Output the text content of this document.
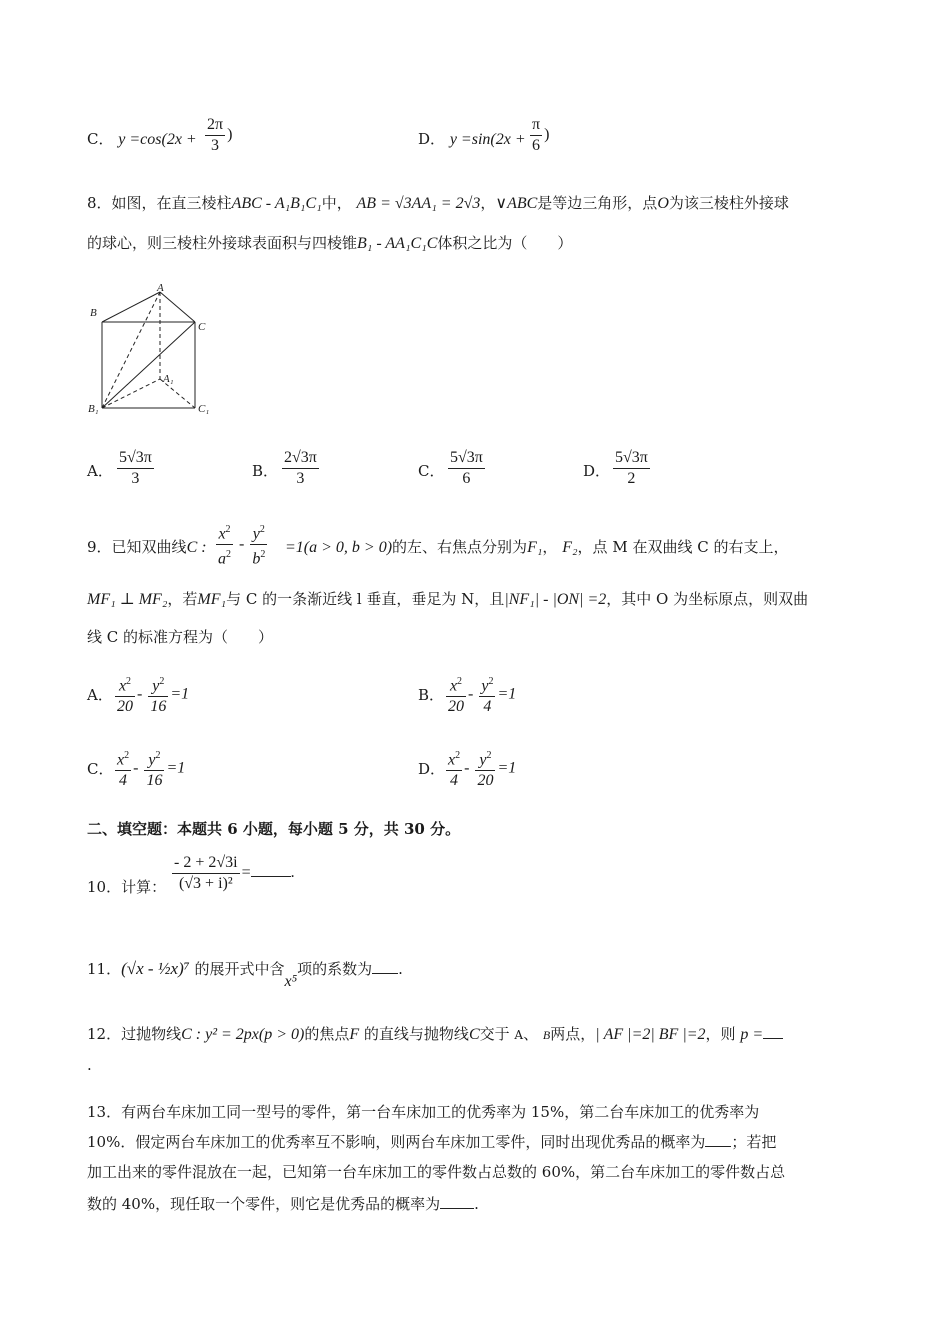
C． $y =\cos(2x + \frac{2\pi}{3}$ )	D． $y =\sin(2x + \frac{\pi}{6}$ )
8．如图，在直三棱柱ABC - A₁B₁C₁中， AB = √3AA₁ = 2√3，∨ABC是等边三角形，点O为该三棱柱外接球
的球心，则三棱柱外接球表面积与四棱锥B₁ - AA₁C₁C体积之比为（　　）
A
B
C
A₁
B₁	C₁
A． $\frac{5√3\pi}{3}$	B． $\frac{2√3\pi}{3}$	C． $\frac{5√3\pi}{6}$	D． $\frac{5√3\pi}{2}$
9．已知双曲线C : $\frac{x^2}{a^2} - \frac{y^2}{b^2} =1(a > 0$, b > 0)的左、右焦点分别为F₁， F₂，点 M 在双曲线 C 的右支上，
MF₁ ⊥ MF₂，若MF₁与 C 的一条渐近线 l 垂直，垂足为 N，且|NF₁| - |ON| =2，其中 O 为坐标原点，则双曲
线 C 的标准方程为（　　）
A． $\frac{x^2}{20} - \frac{y^2}{16} =1$	B． $\frac{x^2}{20} - \frac{y^2}{4} =1$
C． $\frac{x^2}{4} - \frac{y^2}{16} =1$	D． $\frac{x^2}{4} - \frac{y^2}{20} =1$
二、填空题：本题共 6 小题，每小题 5 分，共 30 分。
10．计算： $\frac{- 2 + 2√3i}{\text{(√3 + i)²}}$ =	.
11．(√x - ½x)⁷ 的展开式中含x⁵项的系数为 .
12．过抛物线C : y² = 2px(p > 0)的焦点F 的直线与抛物线C交于 A、 B两点，| AF |=2| BF |=2，则 p =
.
13．有两台车床加工同一型号的零件，第一台车床加工的优秀率为 15%，第二台车床加工的优秀率为
10%．假定两台车床加工的优秀率互不影响，则两台车床加工零件，同时出现优秀品的概率为 ；若把
加工出来的零件混放在一起，已知第一台车床加工的零件数占总数的 60%，第二台车床加工的零件数占总
数的 40%，现任取一个零件，则它是优秀品的概率为 .
